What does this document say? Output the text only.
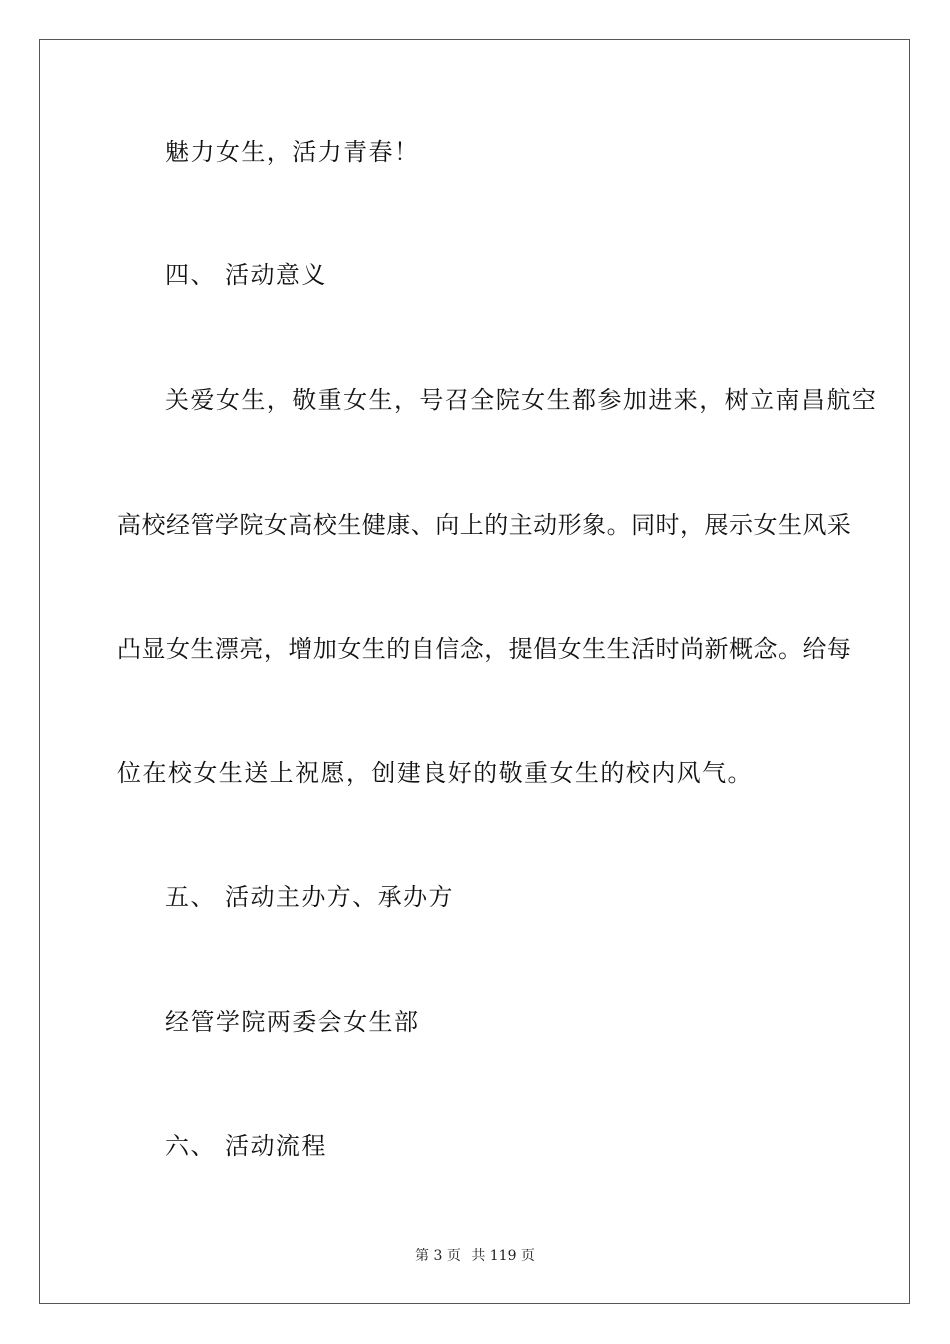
魅力女生，活力青春！
四、 活动意义
关爱女生，敬重女生，号召全院女生都参加进来，树立南昌航空
高校经管学院女高校生健康、向上的主动形象。同时，展示女生风采
凸显女生漂亮，增加女生的自信念，提倡女生生活时尚新概念。给每
位在校女生送上祝愿，创建良好的敬重女生的校内风气。
五、 活动主办方、承办方
经管学院两委会女生部
六、 活动流程
第 3 页 共 119 页
